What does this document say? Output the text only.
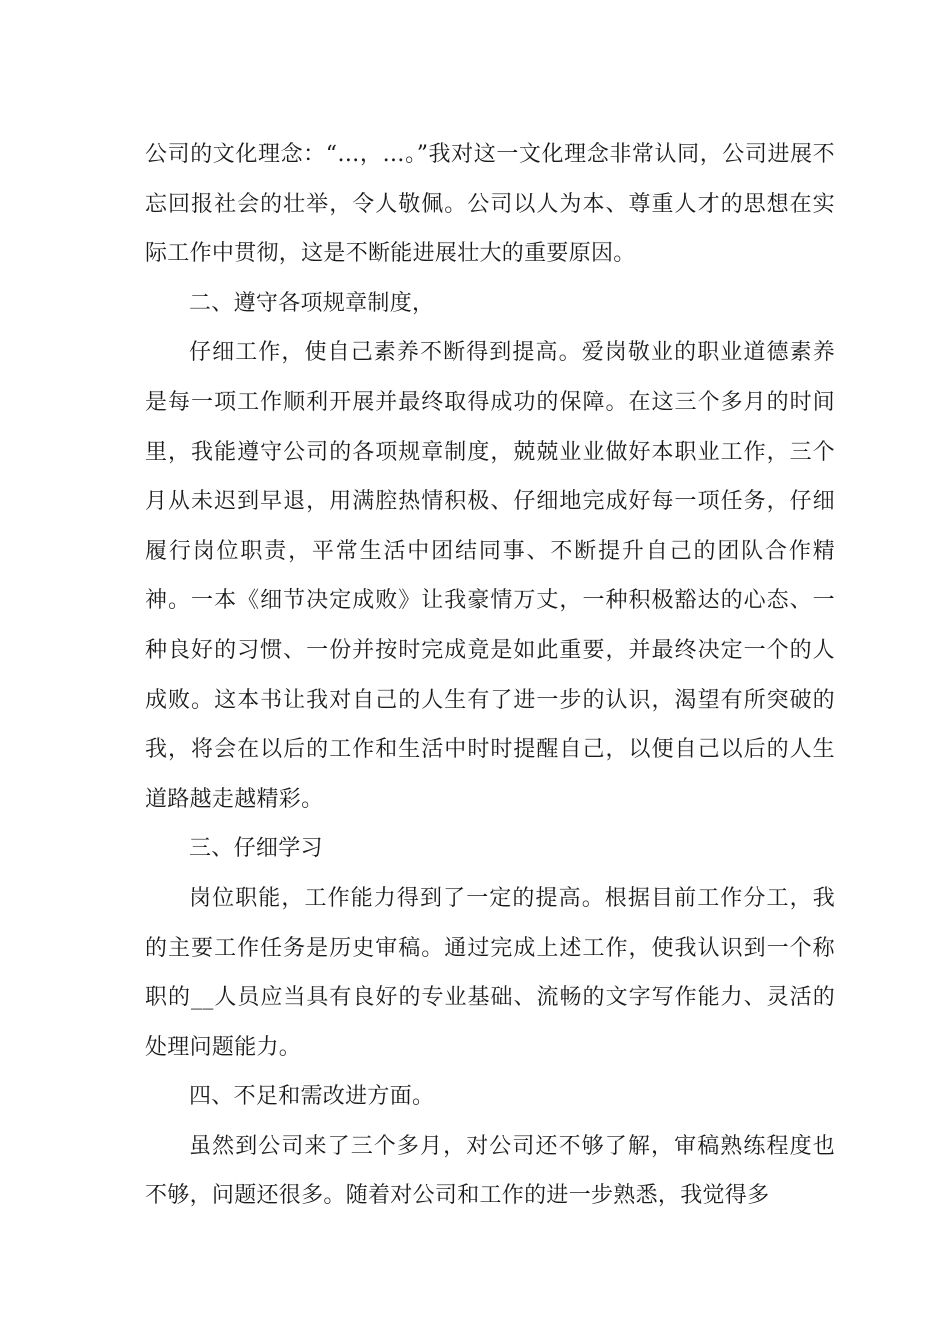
公司的文化理念：“…，…。”我对这一文化理念非常认同，公司进展不忘回报社会的壮举，令人敬佩。公司以人为本、尊重人才的思想在实际工作中贯彻，这是不断能进展壮大的重要原因。

二、遵守各项规章制度，

仔细工作，使自己素养不断得到提高。爱岗敬业的职业道德素养是每一项工作顺利开展并最终取得成功的保障。在这三个多月的时间里，我能遵守公司的各项规章制度，兢兢业业做好本职业工作，三个月从未迟到早退，用满腔热情积极、仔细地完成好每一项任务，仔细履行岗位职责，平常生活中团结同事、不断提升自己的团队合作精神。一本《细节决定成败》让我豪情万丈，一种积极豁达的心态、一种良好的习惯、一份并按时完成竟是如此重要，并最终决定一个的人成败。这本书让我对自己的人生有了进一步的认识，渴望有所突破的我，将会在以后的工作和生活中时时提醒自己，以便自己以后的人生道路越走越精彩。

三、仔细学习

岗位职能，工作能力得到了一定的提高。根据目前工作分工，我的主要工作任务是历史审稿。通过完成上述工作，使我认识到一个称职的__人员应当具有良好的专业基础、流畅的文字写作能力、灵活的处理问题能力。

四、不足和需改进方面。

虽然到公司来了三个多月，对公司还不够了解，审稿熟练程度也不够，问题还很多。随着对公司和工作的进一步熟悉，我觉得多
